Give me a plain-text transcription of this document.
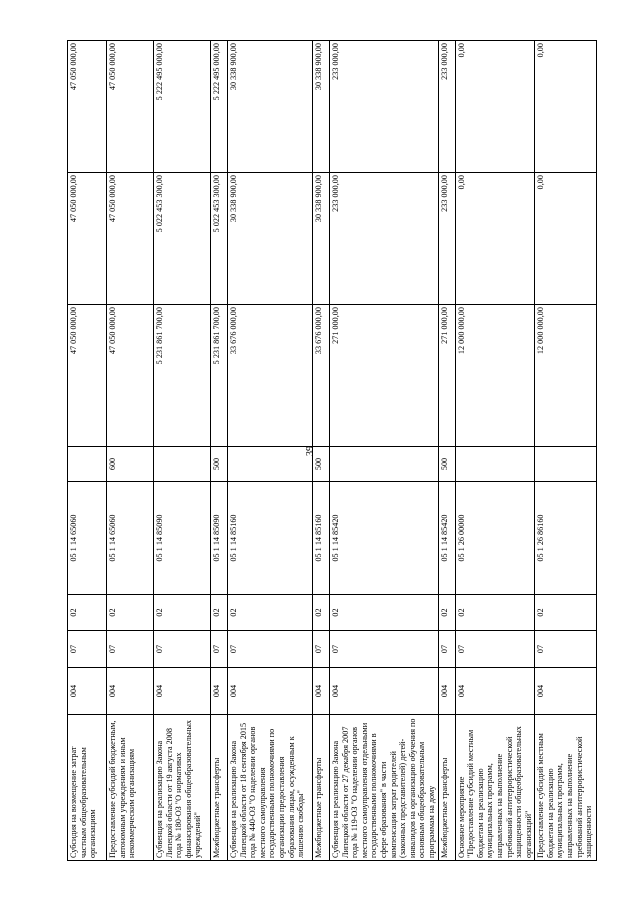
39
Субсидия на возмещение затрат частным общеобразовательным организациям	004	07	02	05 1 14 65060		47 050 000,00	47 050 000,00	47 050 000,00
Предоставление субсидий бюджетным, автономным учреждениям и иным некоммерческим организациям	004	07	02	05 1 14 65060	600	47 050 000,00	47 050 000,00	47 050 000,00
Субвенция на реализацию Закона Липецкой области от 19 августа 2008 года № 180-ОЗ "О нормативах финансирования общеобразовательных учреждений"	004	07	02	05 1 14 85090		5 231 861 700,00	5 022 453 300,00	5 222 495 000,00
Межбюджетные трансферты	004	07	02	05 1 14 85090	500	5 231 861 700,00	5 022 453 300,00	5 222 495 000,00
Субвенция на реализацию Закона Липецкой области от 18 сентября 2015 года № 440-ОЗ "О наделении органов местного самоуправления государственными полномочиями по организации предоставления образования лицам, осужденным к лишению свободы"	004	07	02	05 1 14 85160		33 676 000,00	30 338 900,00	30 338 900,00
Межбюджетные трансферты	004	07	02	05 1 14 85160	500	33 676 000,00	30 338 900,00	30 338 900,00
Субвенция на реализацию Закона Липецкой области от 27 декабря 2007 года № 119-ОЗ "О наделении органов местного самоуправления отдельными государственными полномочиями в сфере образования" в части компенсации затрат родителей (законных представителей) детей-инвалидов на организацию обучения по основным общеобразовательным программам на дому	004	07	02	05 1 14 85420		271 000,00	233 000,00	233 000,00
Межбюджетные трансферты	004	07	02	05 1 14 85420	500	271 000,00	233 000,00	233 000,00
Основное мероприятие "Предоставление субсидий местным бюджетам на реализацию муниципальных программ, направленных на выполнение требований антитеррористической защищенности общеобразовательных организаций"	004	07	02	05 1 26 00000		12 000 000,00	0,00	0,00
Предоставление субсидий местным бюджетам на реализацию муниципальных программ, направленных на выполнение требований антитеррористической защищенности	004	07	02	05 1 26 86160		12 000 000,00	0,00	0,00
